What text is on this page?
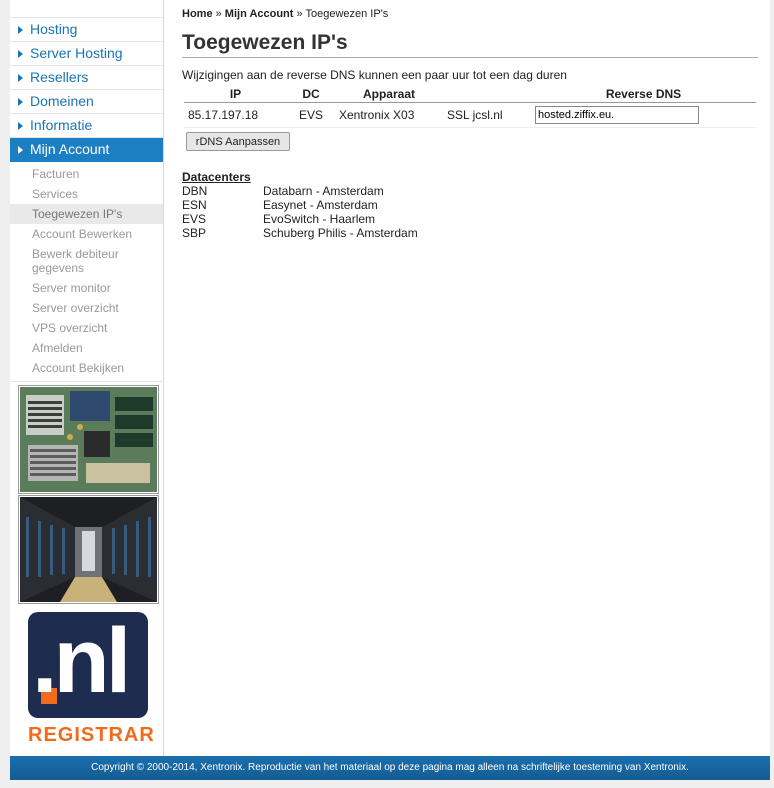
Hosting
Server Hosting
Resellers
Domeinen
Informatie
Mijn Account
Facturen
Services
Toegewezen IP's
Account Bewerken
Bewerk debiteur gegevens
Server monitor
Server overzicht
VPS overzicht
Afmelden
Account Bekijken
.nl
REGISTRAR
Home » Mijn Account » Toegewezen IP's
Toegewezen IP's
Wijzigingen aan de reverse DNS kunnen een paar uur tot een dag duren
IP	DC	Apparaat		Reverse DNS
85.17.197.18	EVS	Xentronix X03	SSL jcsl.nl	hosted.ziffix.eu.
rDNS Aanpassen
Datacenters
DBN	Databarn - Amsterdam
ESN	Easynet - Amsterdam
EVS	EvoSwitch - Haarlem
SBP	Schuberg Philis - Amsterdam
Copyright © 2000-2014, Xentronix. Reproductie van het materiaal op deze pagina mag alleen na schriftelijke toesteming van Xentronix.
